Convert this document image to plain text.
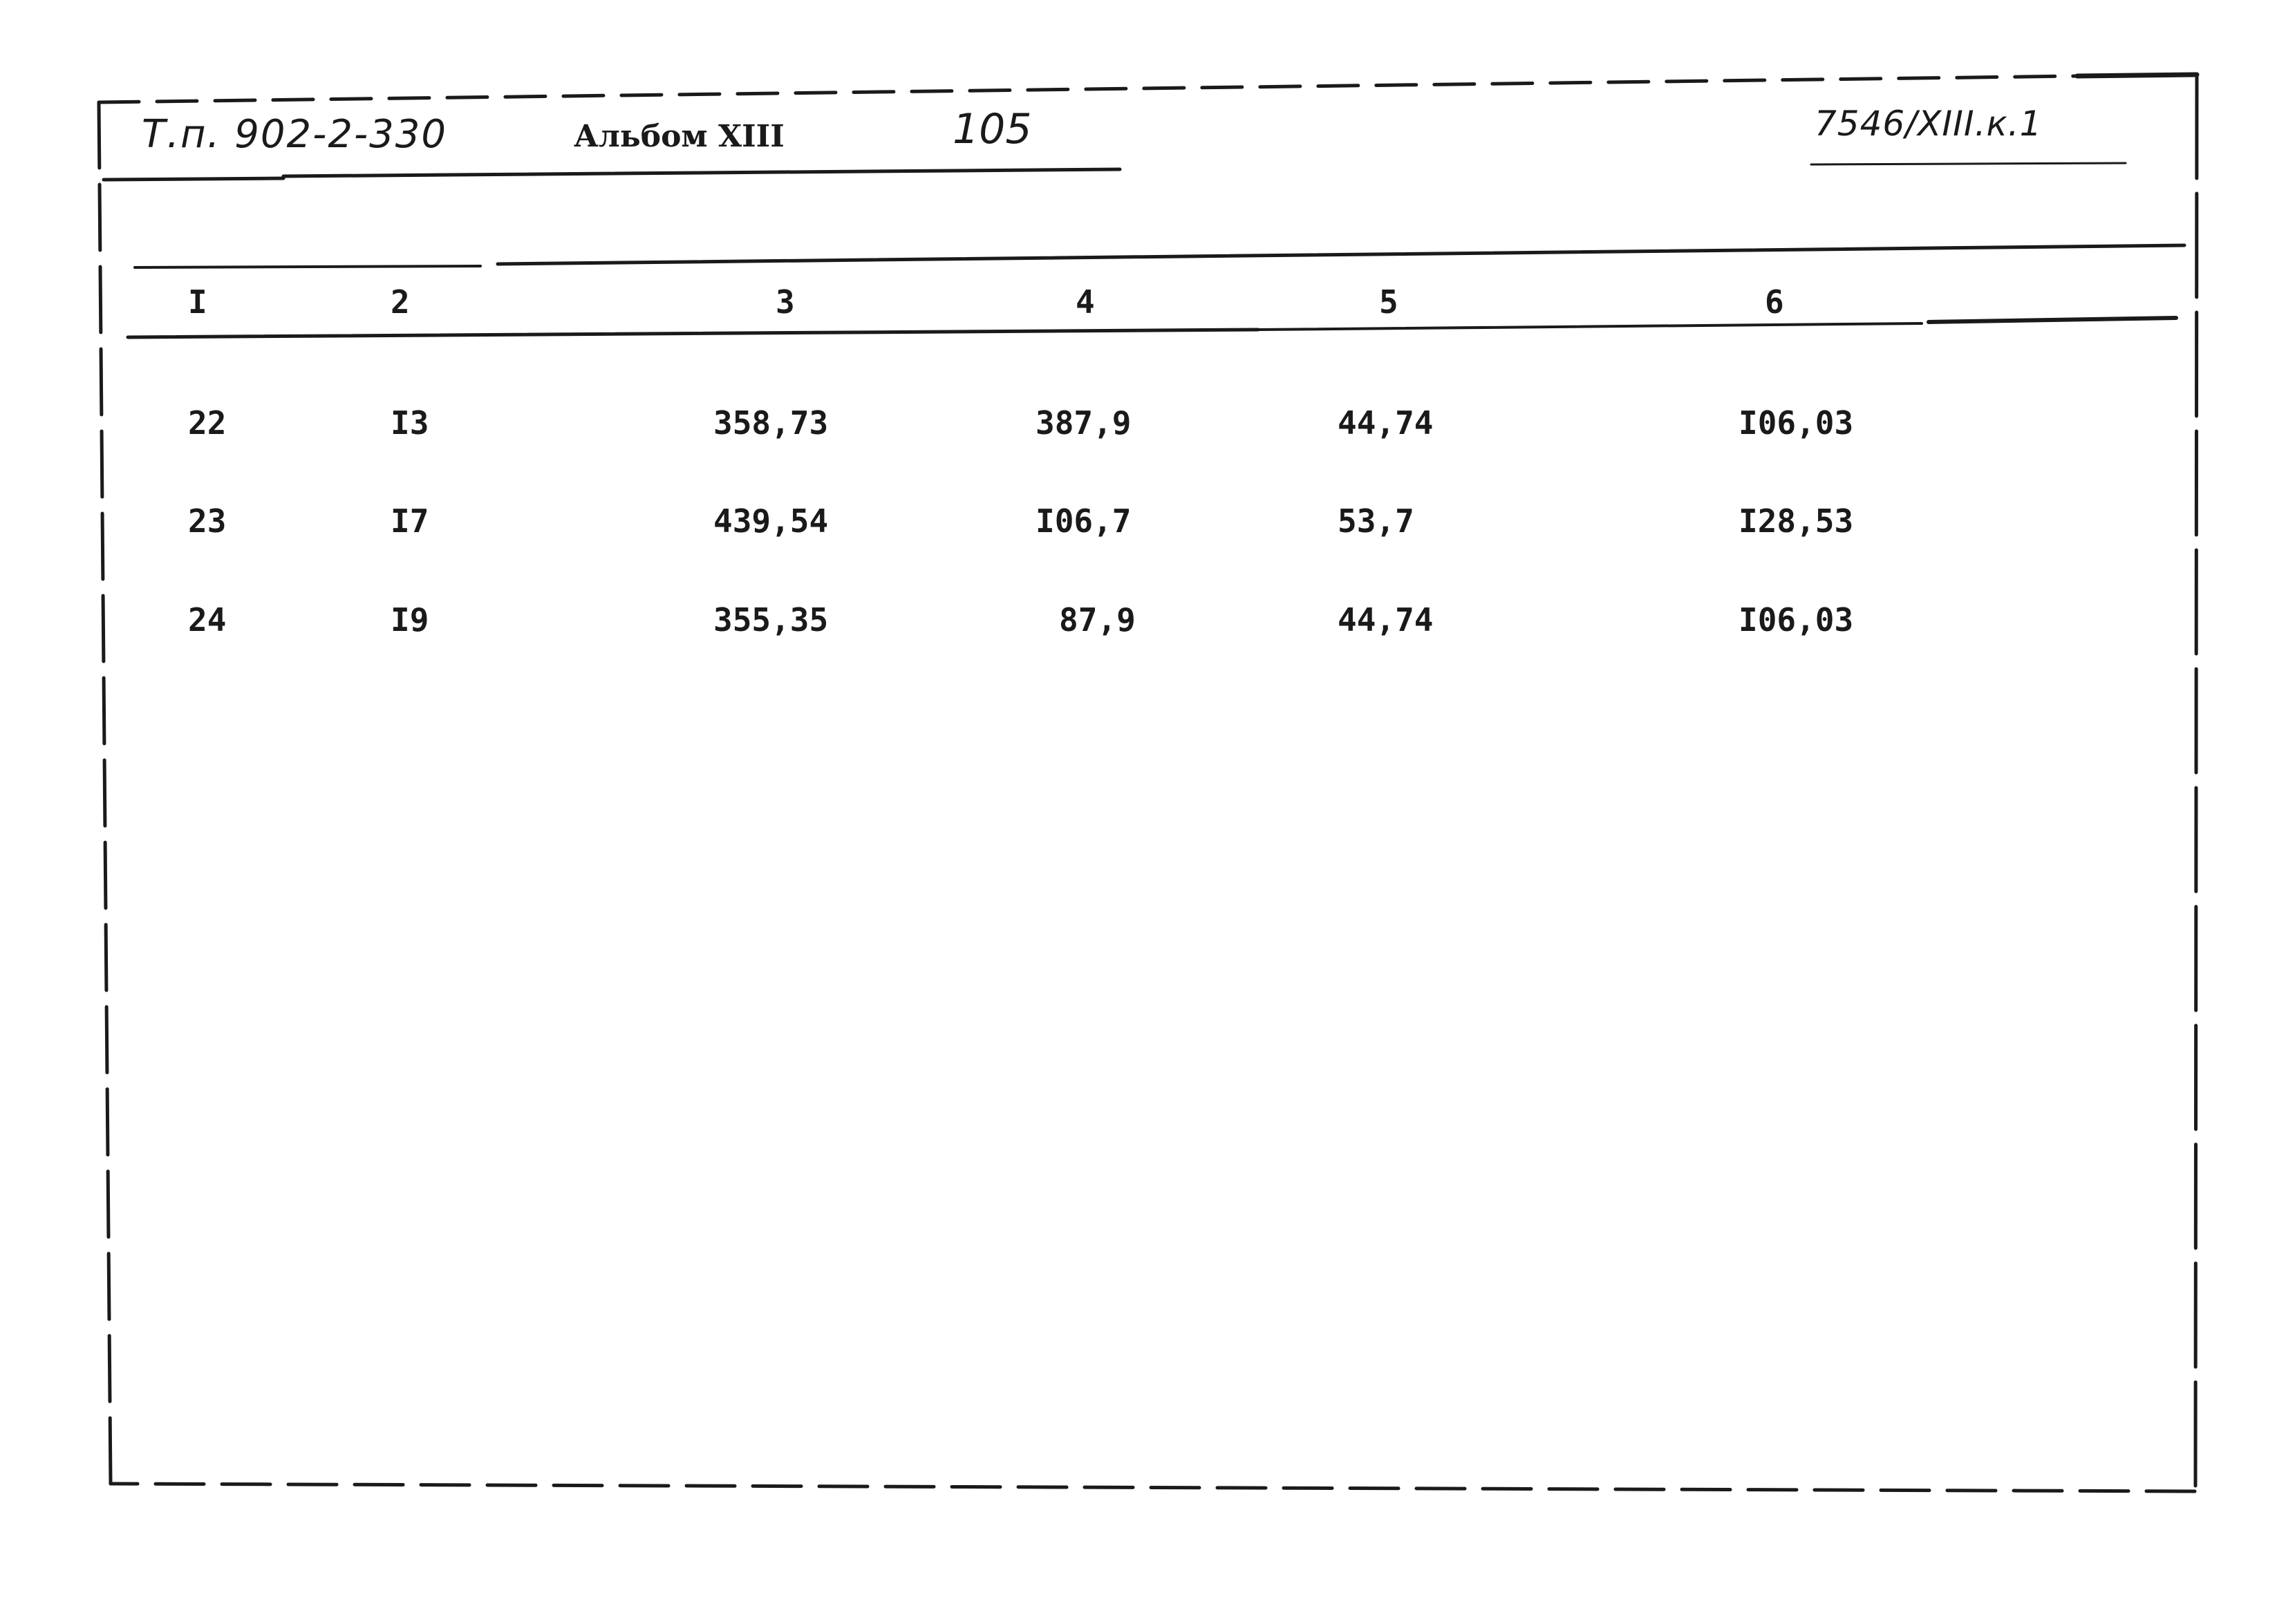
Т.п. 902-2-330	Альбом XIII	105	7546/XIII.к.1
I	2	3	4	5	6
22	I3	358,73	387,9	44,74	I06,03
23	I7	439,54	I06,7	53,7	I28,53
24	I9	355,35	87,9	44,74	I06,03
